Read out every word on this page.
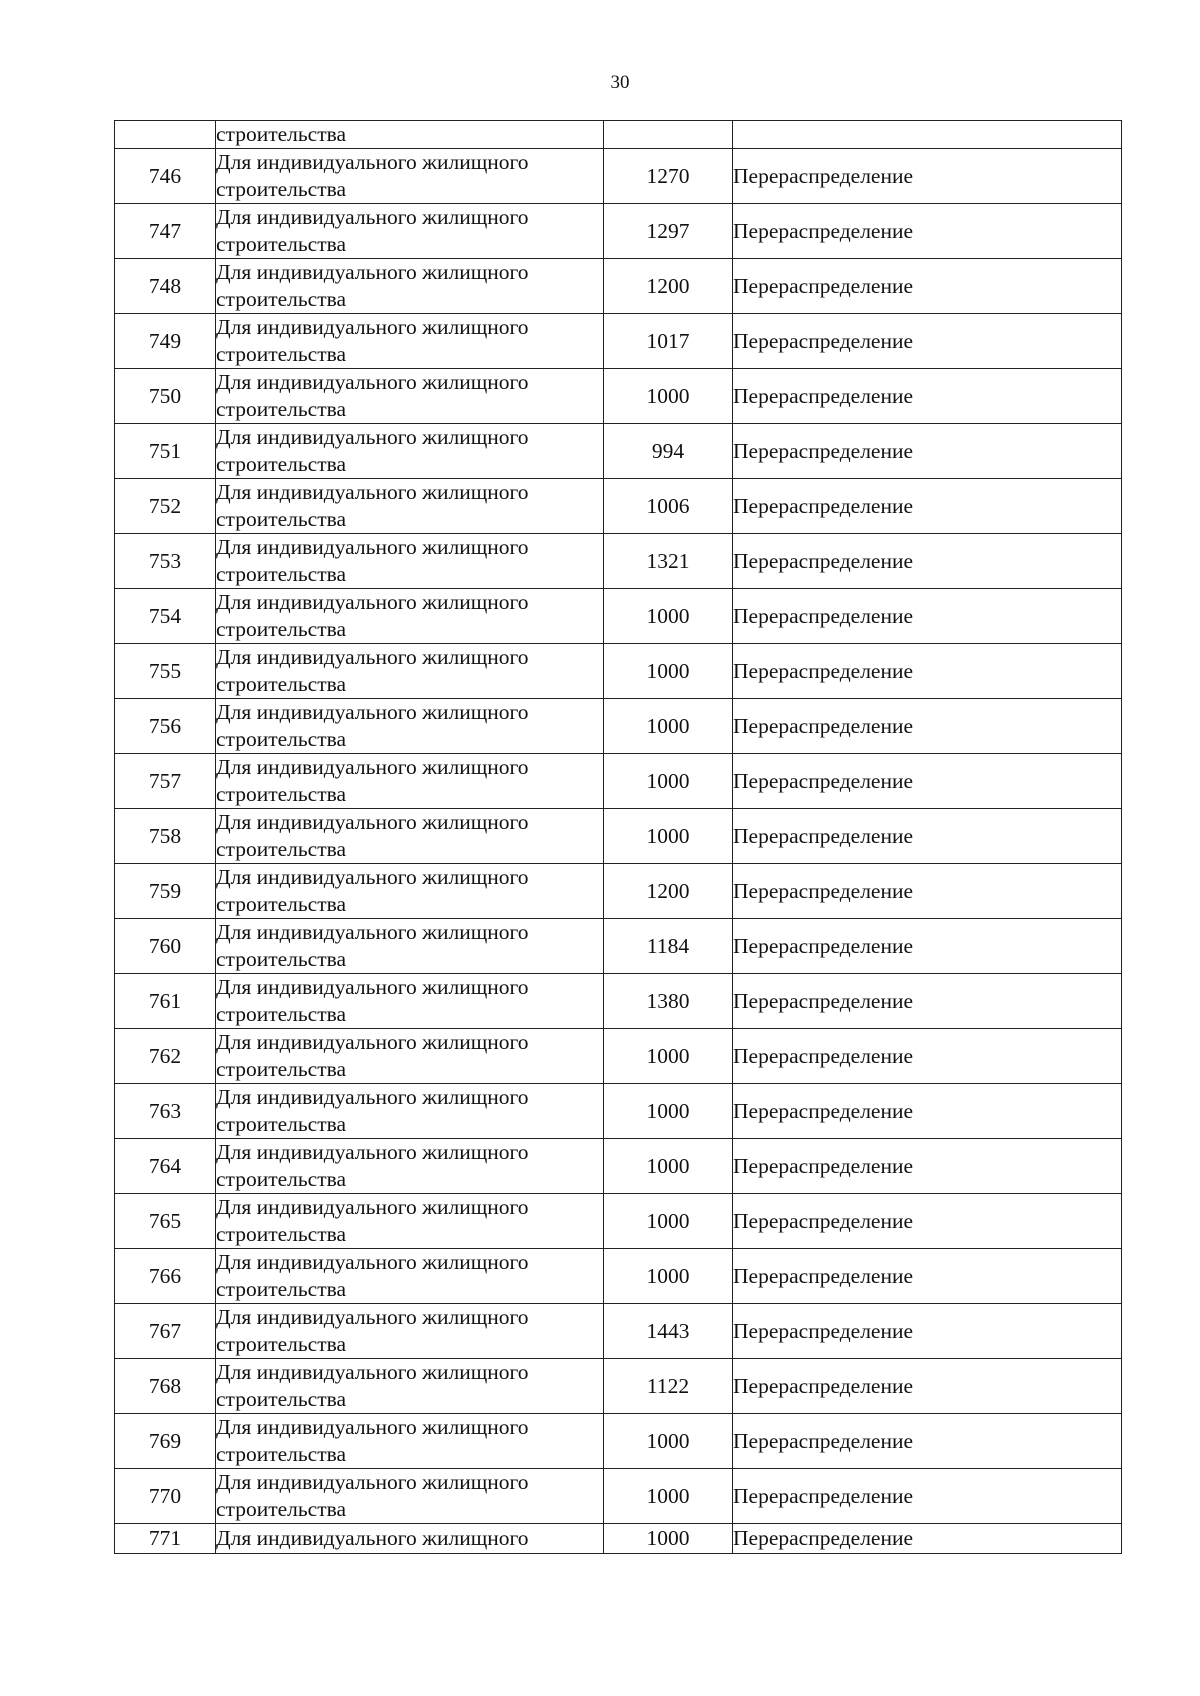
30

	строительства		

746	Для индивидуального жилищного
строительства	1270	Перераспределение
747	Для индивидуального жилищного
строительства	1297	Перераспределение
748	Для индивидуального жилищного
строительства	1200	Перераспределение
749	Для индивидуального жилищного
строительства	1017	Перераспределение
750	Для индивидуального жилищного
строительства	1000	Перераспределение
751	Для индивидуального жилищного
строительства	994	Перераспределение
752	Для индивидуального жилищного
строительства	1006	Перераспределение
753	Для индивидуального жилищного
строительства	1321	Перераспределение
754	Для индивидуального жилищного
строительства	1000	Перераспределение
755	Для индивидуального жилищного
строительства	1000	Перераспределение
756	Для индивидуального жилищного
строительства	1000	Перераспределение
757	Для индивидуального жилищного
строительства	1000	Перераспределение
758	Для индивидуального жилищного
строительства	1000	Перераспределение
759	Для индивидуального жилищного
строительства	1200	Перераспределение
760	Для индивидуального жилищного
строительства	1184	Перераспределение
761	Для индивидуального жилищного
строительства	1380	Перераспределение
762	Для индивидуального жилищного
строительства	1000	Перераспределение
763	Для индивидуального жилищного
строительства	1000	Перераспределение
764	Для индивидуального жилищного
строительства	1000	Перераспределение
765	Для индивидуального жилищного
строительства	1000	Перераспределение
766	Для индивидуального жилищного
строительства	1000	Перераспределение
767	Для индивидуального жилищного
строительства	1443	Перераспределение
768	Для индивидуального жилищного
строительства	1122	Перераспределение
769	Для индивидуального жилищного
строительства	1000	Перераспределение
770	Для индивидуального жилищного
строительства	1000	Перераспределение
771	Для индивидуального жилищного	1000	Перераспределение
